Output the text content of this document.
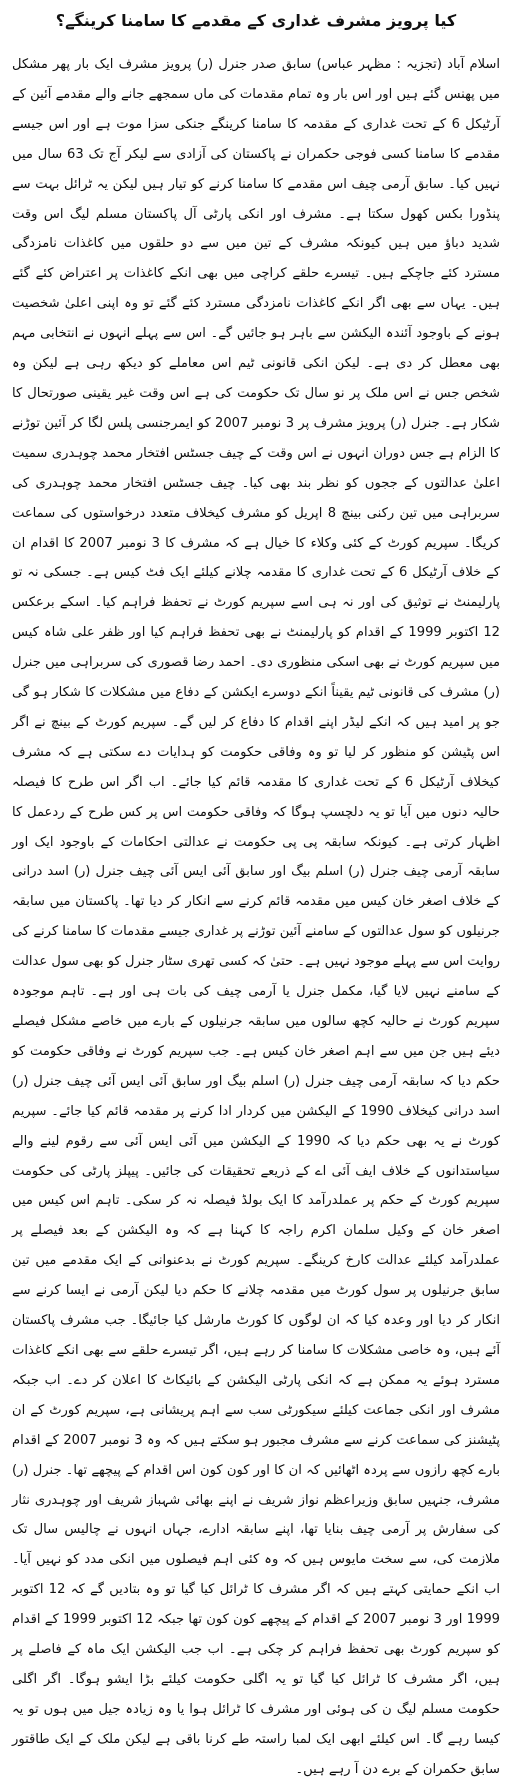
کیا پرویز مشرف غداری کے مقدمے کا سامنا کرینگے؟
اسلام آباد (تجزیہ : مظہر عباس) سابق صدر جنرل (ر) پرویز مشرف ایک بار پھر مشکل میں پھنس گئے ہیں اور اس بار وہ تمام مقدمات کی ماں سمجھے جانے والے مقدمے آئین کے آرٹیکل 6 کے تحت غداری کے مقدمہ کا سامنا کرینگے جنکی سزا موت ہے اور اس جیسے مقدمے کا سامنا کسی فوجی حکمران نے پاکستان کی آزادی سے لیکر آج تک 63 سال میں نہیں کیا۔ سابق آرمی چیف اس مقدمے کا سامنا کرنے کو تیار ہیں لیکن یہ ٹرائل بہت سے پنڈورا بکس کھول سکتا ہے۔ مشرف اور انکی پارٹی آل پاکستان مسلم لیگ اس وقت شدید دباؤ میں ہیں کیونکہ مشرف کے تین میں سے دو حلقوں میں کاغذات نامزدگی مسترد کئے جاچکے ہیں۔ تیسرے حلقے کراچی میں بھی انکے کاغذات پر اعتراض کئے گئے ہیں۔ یہاں سے بھی اگر انکے کاغذات نامزدگی مسترد کئے گئے تو وہ اپنی اعلیٰ شخصیت ہونے کے باوجود آئندہ الیکشن سے باہر ہو جائیں گے۔ اس سے پہلے انہوں نے انتخابی مہم بھی معطل کر دی ہے۔ لیکن انکی قانونی ٹیم اس معاملے کو دیکھ رہی ہے لیکن وہ شخص جس نے اس ملک پر نو سال تک حکومت کی ہے اس وقت غیر یقینی صورتحال کا شکار ہے۔ جنرل (ر) پرویز مشرف پر 3 نومبر 2007 کو ایمرجنسی پلس لگا کر آئین توڑنے کا الزام ہے جس دوران انہوں نے اس وقت کے چیف جسٹس افتخار محمد چوہدری سمیت اعلیٰ عدالتوں کے ججوں کو نظر بند بھی کیا۔ چیف جسٹس افتخار محمد چوہدری کی سربراہی میں تین رکنی بینچ 8 اپریل کو مشرف کیخلاف متعدد درخواستوں کی سماعت کریگا۔ سپریم کورٹ کے کئی وکلاء کا خیال ہے کہ مشرف کا 3 نومبر 2007 کا اقدام ان کے خلاف آرٹیکل 6 کے تحت غداری کا مقدمہ چلانے کیلئے ایک فٹ کیس ہے۔ جسکی نہ تو پارلیمنٹ نے توثیق کی اور نہ ہی اسے سپریم کورٹ نے تحفظ فراہم کیا۔ اسکے برعکس 12 اکتوبر 1999 کے اقدام کو پارلیمنٹ نے بھی تحفظ فراہم کیا اور ظفر علی شاہ کیس میں سپریم کورٹ نے بھی اسکی منظوری دی۔ احمد رضا قصوری کی سربراہی میں جنرل (ر) مشرف کی قانونی ٹیم یقیناً انکے دوسرے ایکشن کے دفاع میں مشکلات کا شکار ہو گی جو پر امید ہیں کہ انکے لیڈر اپنے اقدام کا دفاع کر لیں گے۔ سپریم کورٹ کے بینچ نے اگر اس پٹیشن کو منظور کر لیا تو وہ وفاقی حکومت کو ہدایات دے سکتی ہے کہ مشرف کیخلاف آرٹیکل 6 کے تحت غداری کا مقدمہ قائم کیا جائے۔ اب اگر اس طرح کا فیصلہ حالیہ دنوں میں آیا تو یہ دلچسپ ہوگا کہ وفاقی حکومت اس پر کس طرح کے ردعمل کا اظہار کرتی ہے۔ کیونکہ سابقہ پی پی حکومت نے عدالتی احکامات کے باوجود ایک اور سابقہ آرمی چیف جنرل (ر) اسلم بیگ اور سابق آئی ایس آئی چیف جنرل (ر) اسد درانی کے خلاف اصغر خان کیس میں مقدمہ قائم کرنے سے انکار کر دیا تھا۔ پاکستان میں سابقہ جرنیلوں کو سول عدالتوں کے سامنے آئین توڑنے پر غداری جیسے مقدمات کا سامنا کرنے کی روایت اس سے پہلے موجود نہیں ہے۔ حتیٰ کہ کسی تھری سٹار جنرل کو بھی سول عدالت کے سامنے نہیں لایا گیا، مکمل جنرل یا آرمی چیف کی بات ہی اور ہے۔ تاہم موجودہ سپریم کورٹ نے حالیہ کچھ سالوں میں سابقہ جرنیلوں کے بارے میں خاصے مشکل فیصلے دیئے ہیں جن میں سے اہم اصغر خان کیس ہے۔ جب سپریم کورٹ نے وفاقی حکومت کو حکم دیا کہ سابقہ آرمی چیف جنرل (ر) اسلم بیگ اور سابق آئی ایس آئی چیف جنرل (ر) اسد درانی کیخلاف 1990 کے الیکشن میں کردار ادا کرنے پر مقدمہ قائم کیا جائے۔ سپریم کورٹ نے یہ بھی حکم دیا کہ 1990 کے الیکشن میں آئی ایس آئی سے رقوم لینے والے سیاستدانوں کے خلاف ایف آئی اے کے ذریعے تحقیقات کی جائیں۔ پیپلز پارٹی کی حکومت سپریم کورٹ کے حکم پر عملدرآمد کا ایک بولڈ فیصلہ نہ کر سکی۔ تاہم اس کیس میں اصغر خان کے وکیل سلمان اکرم راجہ کا کہنا ہے کہ وہ الیکشن کے بعد فیصلے پر عملدرآمد کیلئے عدالت کارخ کرینگے۔ سپریم کورٹ نے بدعنوانی کے ایک مقدمے میں تین سابق جرنیلوں پر سول کورٹ میں مقدمہ چلانے کا حکم دیا لیکن آرمی نے ایسا کرنے سے انکار کر دیا اور وعدہ کیا کہ ان لوگوں کا کورٹ مارشل کیا جائیگا۔ جب مشرف پاکستان آئے ہیں، وہ خاصی مشکلات کا سامنا کر رہے ہیں، اگر تیسرے حلقے سے بھی انکے کاغذات مسترد ہوئے یہ ممکن ہے کہ انکی پارٹی الیکشن کے بائیکاٹ کا اعلان کر دے۔ اب جبکہ مشرف اور انکی جماعت کیلئے سیکورٹی سب سے اہم پریشانی ہے، سپریم کورٹ کے ان پٹیشنز کی سماعت کرنے سے مشرف مجبور ہو سکتے ہیں کہ وہ 3 نومبر 2007 کے اقدام بارے کچھ رازوں سے پردہ اٹھائیں کہ ان کا اور کون کون اس اقدام کے پیچھے تھا۔ جنرل (ر) مشرف، جنہیں سابق وزیراعظم نواز شریف نے اپنے بھائی شہباز شریف اور چوہدری نثار کی سفارش پر آرمی چیف بنایا تھا، اپنے سابقہ ادارے، جہاں انہوں نے چالیس سال تک ملازمت کی، سے سخت مایوس ہیں کہ وہ کئی اہم فیصلوں میں انکی مدد کو نہیں آیا۔ اب انکے حمایتی کہتے ہیں کہ اگر مشرف کا ٹرائل کیا گیا تو وہ بتادیں گے کہ 12 اکتوبر 1999 اور 3 نومبر 2007 کے اقدام کے پیچھے کون کون تھا جبکہ 12 اکتوبر 1999 کے اقدام کو سپریم کورٹ بھی تحفظ فراہم کر چکی ہے۔ اب جب الیکشن ایک ماہ کے فاصلے پر ہیں، اگر مشرف کا ٹرائل کیا گیا تو یہ اگلی حکومت کیلئے بڑا ایشو ہوگا۔ اگر اگلی حکومت مسلم لیگ ن کی ہوئی اور مشرف کا ٹرائل ہوا یا وہ زیادہ جیل میں ہوں تو یہ کیسا رہے گا۔ اس کیلئے ابھی ایک لمبا راستہ طے کرنا باقی ہے لیکن ملک کے ایک طاقتور سابق حکمران کے برے دن آ رہے ہیں۔
